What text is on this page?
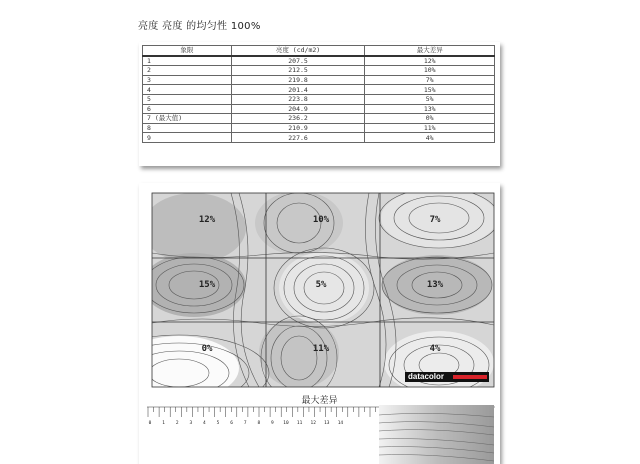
亮度 亮度 的均匀性 100%
象限	亮度 (cd/m2)	最大差异
1	207.5	12%
2	212.5	10%
3	219.8	7%
4	201.4	15%
5	223.8	5%
6	204.9	13%
7 (最大值)	236.2	0%
8	210.9	11%
9	227.6	4%
12%	10%	7%
15%	5%	13%
0%	11%	4%
0 1 2 3 4 5 6 7 8 9 10 11 12 13 14
最大差异
datacolor
